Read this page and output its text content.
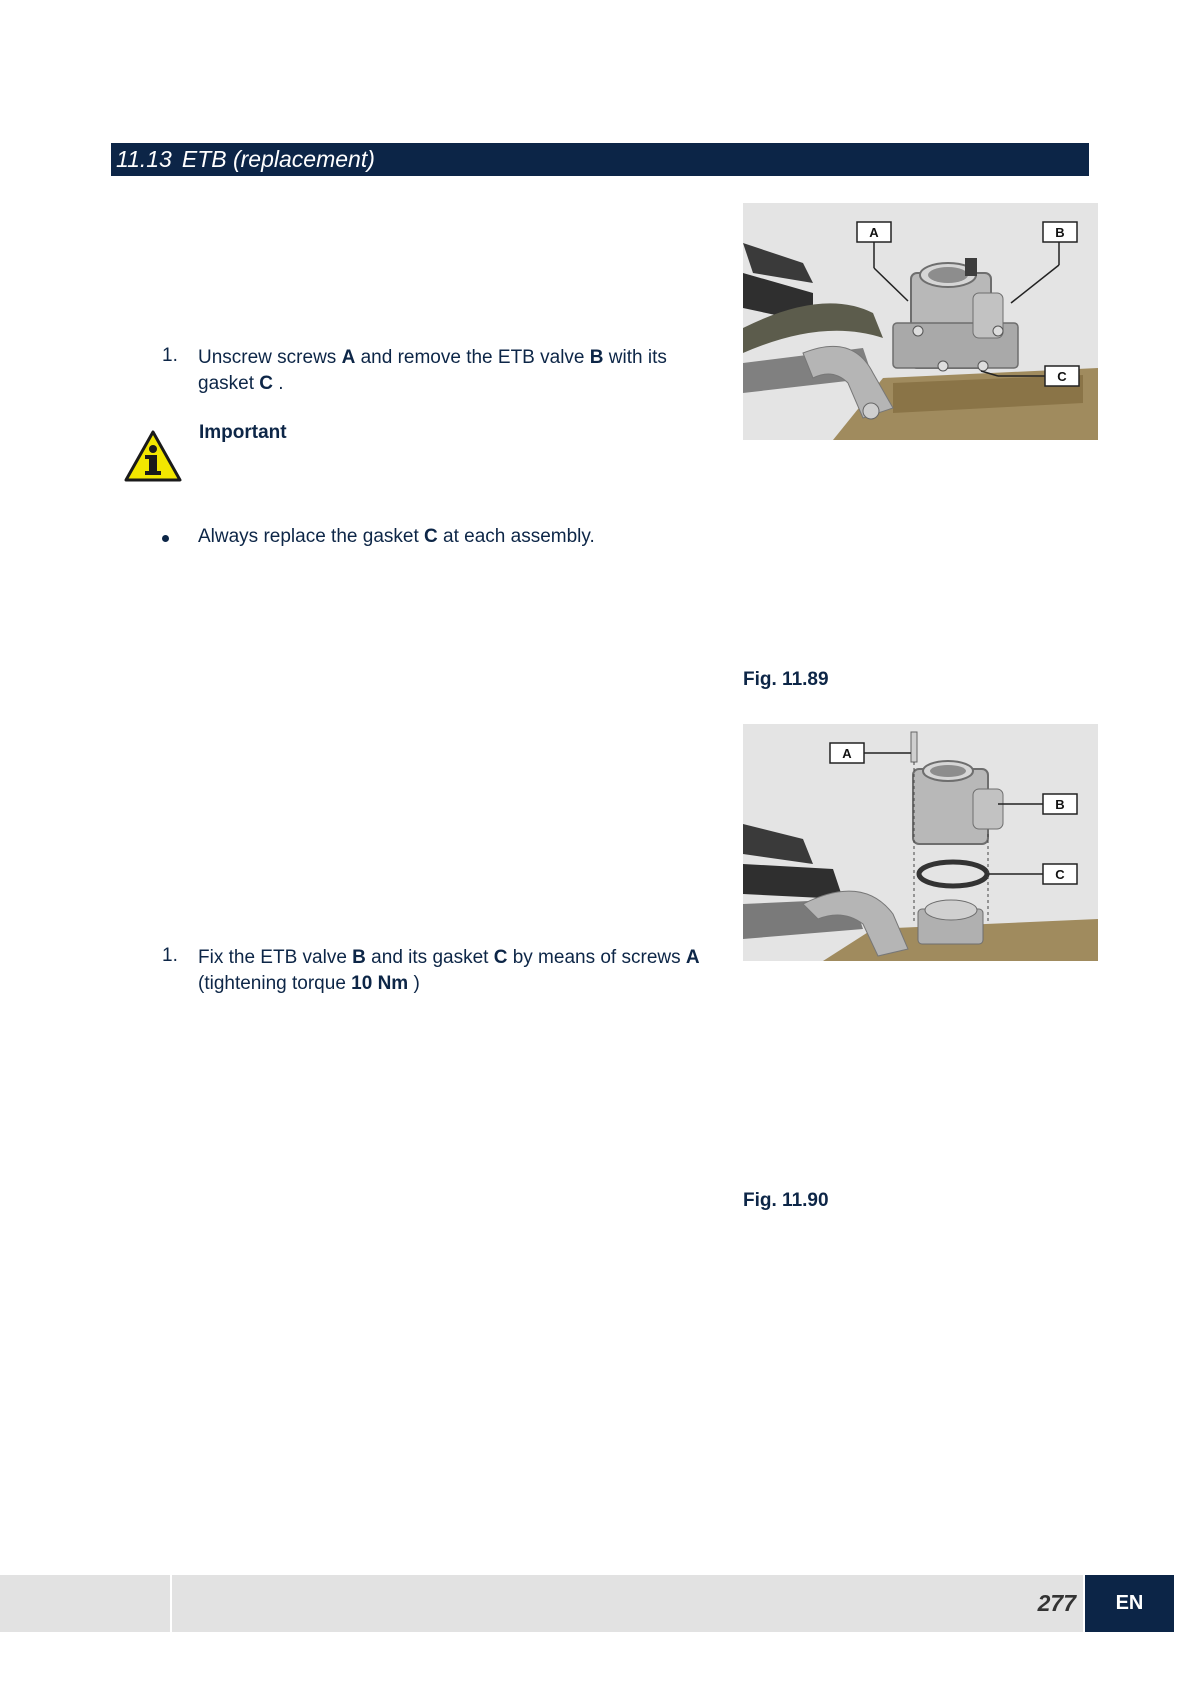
11.13 ETB (replacement)
1. Unscrew screws A and remove the ETB valve B with its gasket C .
Important
Always replace the gasket C at each assembly.
A	B
C
Fig. 11.89
1. Fix the ETB valve B and its gasket C by means of screws A (tightening torque 10 Nm )
A
B
C
Fig. 11.90
277	EN
